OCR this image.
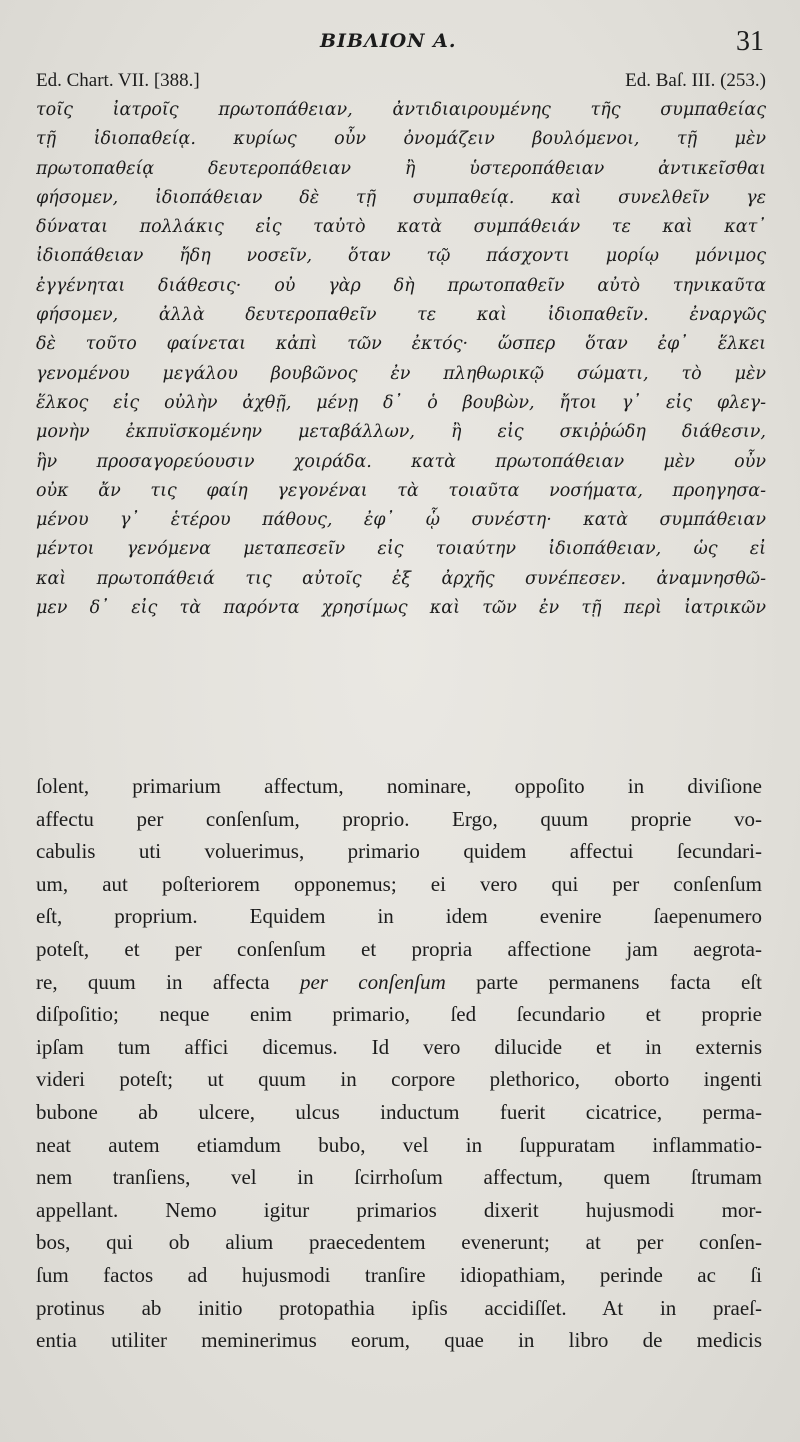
BIBΛΙΟΝ Α.	31
Ed. Chart. VII. [388.]	Ed. Baſ. III. (253.)
τοῖς ἰατροῖς πρωτοπάθειαν, ἀντιδιαιρουμένης τῆς συμπαθείας
τῇ ἰδιοπαθείᾳ. κυρίως οὖν ὀνομάζειν βουλόμενοι, τῇ μὲν
πρωτοπαθείᾳ δευτεροπάθειαν ἢ ὑστεροπάθειαν ἀντικεῖσθαι
φήσομεν, ἰδιοπάθειαν δὲ τῇ συμπαθείᾳ. καὶ συνελθεῖν γε
δύναται πολλάκις εἰς ταὐτὸ κατὰ συμπάθειάν τε καὶ κατ᾽
ἰδιοπάθειαν ἤδη νοσεῖν, ὅταν τῷ πάσχοντι μορίῳ μόνιμος
ἐγγένηται διάθεσις· οὐ γὰρ δὴ πρωτοπαθεῖν αὐτὸ τηνικαῦτα
φήσομεν, ἀλλὰ δευτεροπαθεῖν τε καὶ ἰδιοπαθεῖν. ἐναργῶς
δὲ τοῦτο φαίνεται κἀπὶ τῶν ἐκτός· ὥσπερ ὅταν ἐφ᾽ ἕλκει
γενομένου μεγάλου βουβῶνος ἐν πληθωρικῷ σώματι, τὸ μὲν
ἕλκος εἰς οὐλὴν ἀχθῇ, μένῃ δ᾽ ὁ βουβὼν, ἤτοι γ᾽ εἰς φλεγ-
μονὴν ἐκπυϊσκομένην μεταβάλλων, ἢ εἰς σκιῤῥώδη διάθεσιν,
ἣν προσαγορεύουσιν χοιράδα. κατὰ πρωτοπάθειαν μὲν οὖν
οὐκ ἄν τις φαίη γεγονέναι τὰ τοιαῦτα νοσήματα, προηγησα-
μένου γ᾽ ἑτέρου πάθους, ἐφ᾽ ᾧ συνέστη· κατὰ συμπάθειαν
μέντοι γενόμενα μεταπεσεῖν εἰς τοιαύτην ἰδιοπάθειαν, ὡς εἰ
καὶ πρωτοπάθειά τις αὐτοῖς ἐξ ἀρχῆς συνέπεσεν. ἀναμνησθῶ-
μεν δ᾽ εἰς τὰ παρόντα χρησίμως καὶ τῶν ἐν τῇ περὶ ἰατρικῶν
ſolent, primarium affectum, nominare, oppoſito in diviſione
affectu per conſenſum, proprio. Ergo, quum proprie vo-
cabulis uti voluerimus, primario quidem affectui ſecundari-
um, aut poſteriorem opponemus; ei vero qui per conſenſum
eſt, proprium. Equidem in idem evenire ſaepenumero
poteſt, et per conſenſum et propria affectione jam aegrota-
re, quum in affecta per conſenſum parte permanens facta eſt
diſpoſitio; neque enim primario, ſed ſecundario et proprie
ipſam tum affici dicemus. Id vero dilucide et in externis
videri poteſt; ut quum in corpore plethorico, oborto ingenti
bubone ab ulcere, ulcus inductum fuerit cicatrice, perma-
neat autem etiamdum bubo, vel in ſuppuratam inflammatio-
nem tranſiens, vel in ſcirrhoſum affectum, quem ſtrumam
appellant. Nemo igitur primarios dixerit hujusmodi mor-
bos, qui ob alium praecedentem evenerunt; at per conſen-
ſum factos ad hujusmodi tranſire idiopathiam, perinde ac ſi
protinus ab initio protopathia ipſis accidiſſet. At in praeſ-
entia utiliter meminerimus eorum, quae in libro de medicis
